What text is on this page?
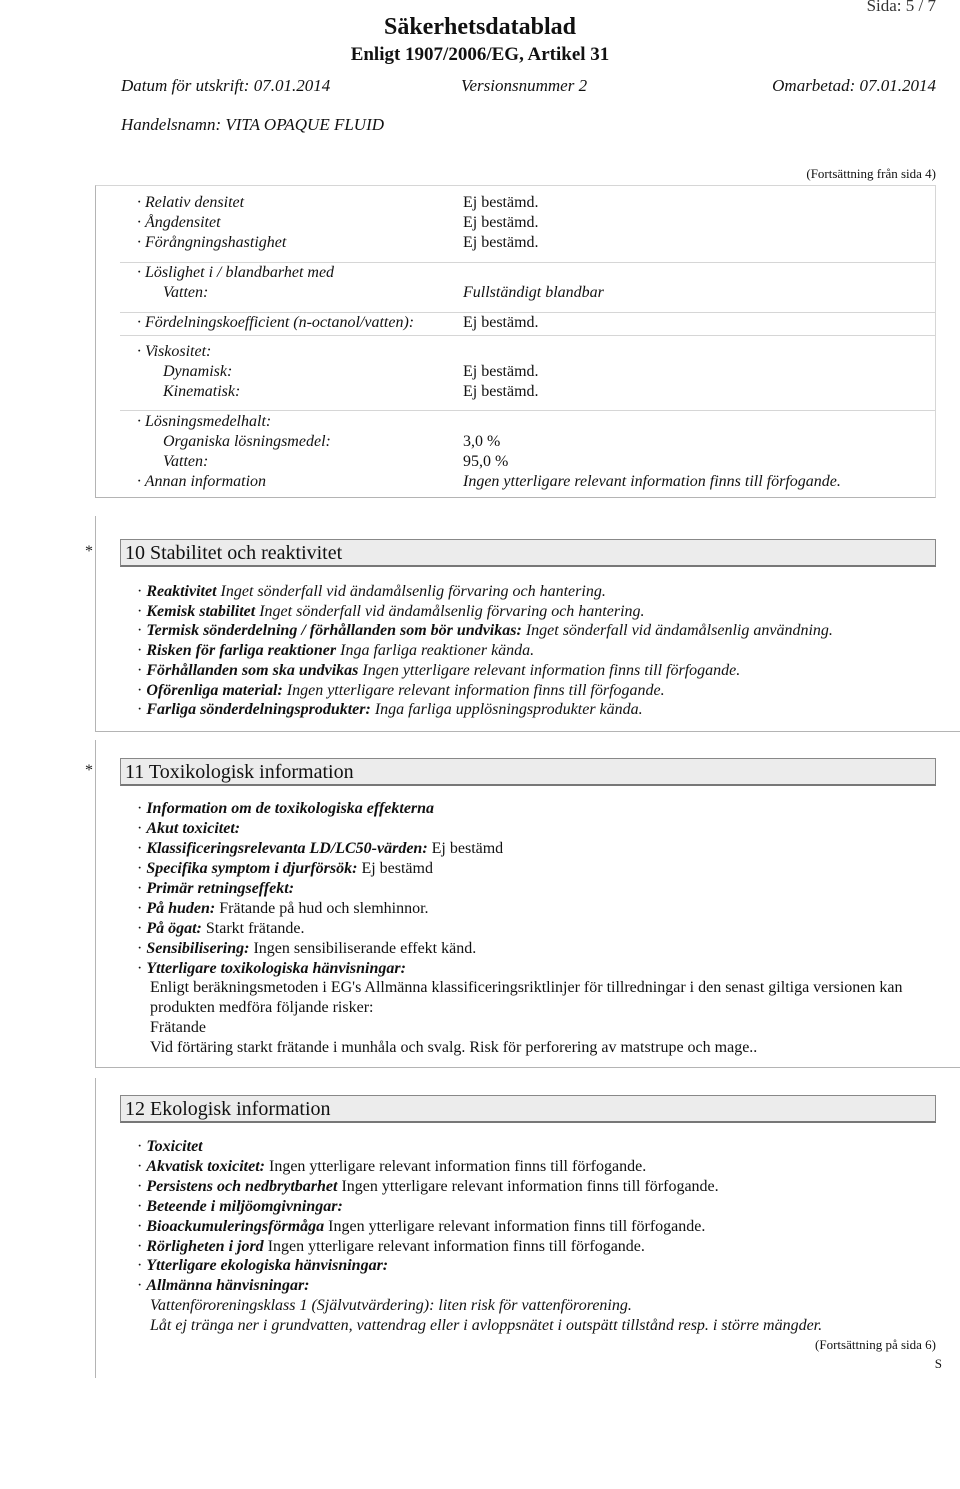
Sida: 5 / 7
Säkerhetsdatablad
Enligt 1907/2006/EG, Artikel 31
Datum för utskrift: 07.01.2014	Versionsnummer 2	Omarbetad: 07.01.2014
Handelsnamn: VITA OPAQUE FLUID
(Fortsättning från sida 4)
· Relativ densitet	Ej bestämd.
· Ångdensitet	Ej bestämd.
· Förångningshastighet	Ej bestämd.
· Löslighet i / blandbarhet med
Vatten:	Fullständigt blandbar
· Fördelningskoefficient (n-octanol/vatten):	Ej bestämd.
· Viskositet:
Dynamisk:	Ej bestämd.
Kinematisk:	Ej bestämd.
· Lösningsmedelhalt:
Organiska lösningsmedel:	3,0 %
Vatten:	95,0 %
· Annan information	Ingen ytterligare relevant information finns till förfogande.
* 10 Stabilitet och reaktivitet
· Reaktivitet Inget sönderfall vid ändamålsenlig förvaring och hantering.
· Kemisk stabilitet Inget sönderfall vid ändamålsenlig förvaring och hantering.
· Termisk sönderdelning / förhållanden som bör undvikas: Inget sönderfall vid ändamålsenlig användning.
· Risken för farliga reaktioner Inga farliga reaktioner kända.
· Förhållanden som ska undvikas Ingen ytterligare relevant information finns till förfogande.
· Oförenliga material: Ingen ytterligare relevant information finns till förfogande.
· Farliga sönderdelningsprodukter: Inga farliga upplösningsprodukter kända.
* 11 Toxikologisk information
· Information om de toxikologiska effekterna
· Akut toxicitet:
· Klassificeringsrelevanta LD/LC50-värden: Ej bestämd
· Specifika symptom i djurförsök: Ej bestämd
· Primär retningseffekt:
· På huden: Frätande på hud och slemhinnor.
· På ögat: Starkt frätande.
· Sensibilisering: Ingen sensibiliserande effekt känd.
· Ytterligare toxikologiska hänvisningar:
Enligt beräkningsmetoden i EG's Allmänna klassificeringsriktlinjer för tillredningar i den senast giltiga versionen kan produkten medföra följande risker:
Frätande
Vid förtäring starkt frätande i munhåla och svalg. Risk för perforering av matstrupe och mage..
12 Ekologisk information
· Toxicitet
· Akvatisk toxicitet: Ingen ytterligare relevant information finns till förfogande.
· Persistens och nedbrytbarhet Ingen ytterligare relevant information finns till förfogande.
· Beteende i miljöomgivningar:
· Bioackumuleringsförmåga Ingen ytterligare relevant information finns till förfogande.
· Rörligheten i jord Ingen ytterligare relevant information finns till förfogande.
· Ytterligare ekologiska hänvisningar:
· Allmänna hänvisningar:
Vattenföroreningsklass 1 (Självutvärdering): liten risk för vattenförorening.
Låt ej tränga ner i grundvatten, vattendrag eller i avloppsnätet i outspätt tillstånd resp. i större mängder.
(Fortsättning på sida 6)
S
